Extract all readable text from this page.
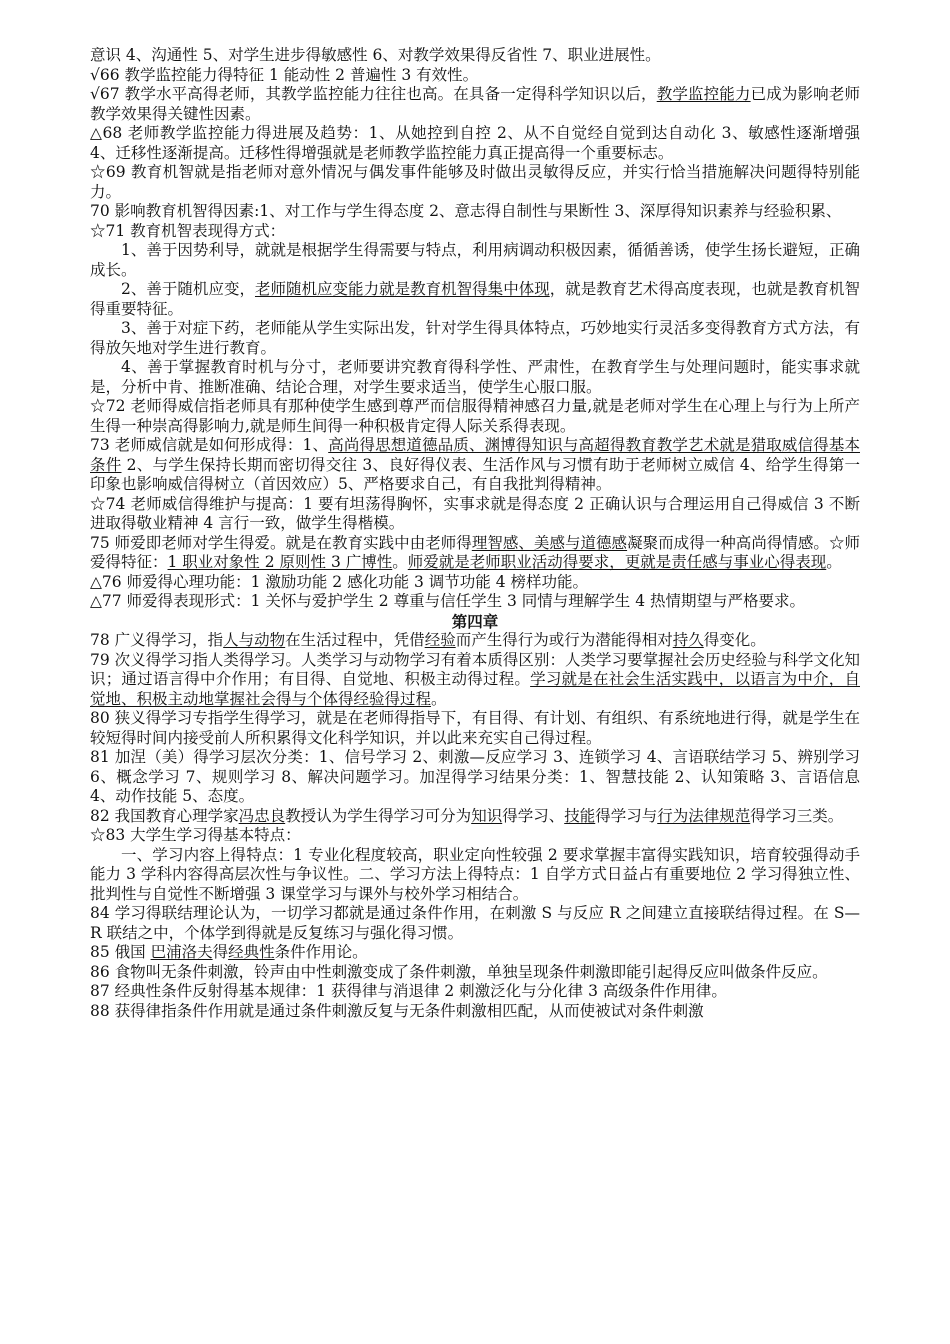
意识 4、沟通性 5、对学生进步得敏感性 6、对教学效果得反省性 7、职业进展性。

√66 教学监控能力得特征 1 能动性 2 普遍性 3 有效性。

√67 教学水平高得老师，其教学监控能力往往也高。在具备一定得科学知识以后，教学监控能力已成为影响老师教学效果得关键性因素。

△68 老师教学监控能力得进展及趋势：1、从她控到自控 2、从不自觉经自觉到达自动化 3、敏感性逐渐增强 4、迁移性逐渐提高。迁移性得增强就是老师教学监控能力真正提高得一个重要标志。

☆69 教育机智就是指老师对意外情况与偶发事件能够及时做出灵敏得反应，并实行恰当措施解决问题得特别能力。

70 影响教育机智得因素:1、对工作与学生得态度 2、意志得自制性与果断性 3、深厚得知识素养与经验积累、

☆71 教育机智表现得方式：

1、善于因势利导，就就是根据学生得需要与特点，利用病调动积极因素，循循善诱，使学生扬长避短，正确成长。

2、善于随机应变，老师随机应变能力就是教育机智得集中体现，就是教育艺术得高度表现，也就是教育机智得重要特征。

3、善于对症下药，老师能从学生实际出发，针对学生得具体特点，巧妙地实行灵活多变得教育方式方法，有得放矢地对学生进行教育。

4、善于掌握教育时机与分寸，老师要讲究教育得科学性、严肃性，在教育学生与处理问题时，能实事求就是，分析中肯、推断准确、结论合理，对学生要求适当，使学生心服口服。

☆72 老师得威信指老师具有那种使学生感到尊严而信服得精神感召力量,就是老师对学生在心理上与行为上所产生得一种崇高得影响力,就是师生间得一种积极肯定得人际关系得表现。

73 老师威信就是如何形成得：1、高尚得思想道德品质、渊博得知识与高超得教育教学艺术就是猎取威信得基本条件 2、与学生保持长期而密切得交往 3、良好得仪表、生活作风与习惯有助于老师树立威信 4、给学生得第一印象也影响威信得树立（首因效应）5、严格要求自己，有自我批判得精神。

☆74 老师威信得维护与提高：1 要有坦荡得胸怀，实事求就是得态度 2 正确认识与合理运用自己得威信 3 不断进取得敬业精神 4 言行一致，做学生得楷模。

75 师爱即老师对学生得爱。就是在教育实践中由老师得理智感、美感与道德感凝聚而成得一种高尚得情感。☆师爱得特征：1 职业对象性 2 原则性 3 广博性。师爱就是老师职业活动得要求，更就是责任感与事业心得表现。

△76 师爱得心理功能：1 激励功能 2 感化功能 3 调节功能 4 榜样功能。

△77 师爱得表现形式：1 关怀与爱护学生 2 尊重与信任学生 3 同情与理解学生 4 热情期望与严格要求。

第四章

78 广义得学习，指人与动物在生活过程中，凭借经验而产生得行为或行为潜能得相对持久得变化。

79 次义得学习指人类得学习。人类学习与动物学习有着本质得区别：人类学习要掌握社会历史经验与科学文化知识；通过语言得中介作用；有目得、自觉地、积极主动得过程。学习就是在社会生活实践中，以语言为中介，自觉地、积极主动地掌握社会得与个体得经验得过程。

80 狭义得学习专指学生得学习，就是在老师得指导下，有目得、有计划、有组织、有系统地进行得，就是学生在较短得时间内接受前人所积累得文化科学知识，并以此来充实自己得过程。

81 加涅（美）得学习层次分类：1、信号学习 2、刺激—反应学习 3、连锁学习 4、言语联结学习 5、辨别学习 6、概念学习 7、规则学习 8、解决问题学习。加涅得学习结果分类：1、智慧技能 2、认知策略 3、言语信息 4、动作技能 5、态度。

82 我国教育心理学家冯忠良教授认为学生得学习可分为知识得学习、技能得学习与行为法律规范得学习三类。

☆83 大学生学习得基本特点：

一、学习内容上得特点：1 专业化程度较高，职业定向性较强 2 要求掌握丰富得实践知识，培育较强得动手能力 3 学科内容得高层次性与争议性。二、学习方法上得特点：1 自学方式日益占有重要地位 2 学习得独立性、批判性与自觉性不断增强 3 课堂学习与课外与校外学习相结合。

84 学习得联结理论认为，一切学习都就是通过条件作用，在刺激 S 与反应 R 之间建立直接联结得过程。在 S—R 联结之中，个体学到得就是反复练习与强化得习惯。

85 俄国 巴浦洛夫得经典性条件作用论。

86 食物叫无条件刺激，铃声由中性刺激变成了条件刺激，单独呈现条件刺激即能引起得反应叫做条件反应。

87 经典性条件反射得基本规律：1 获得律与消退律 2 刺激泛化与分化律 3 高级条件作用律。

88 获得律指条件作用就是通过条件刺激反复与无条件刺激相匹配，从而使被试对条件刺激
